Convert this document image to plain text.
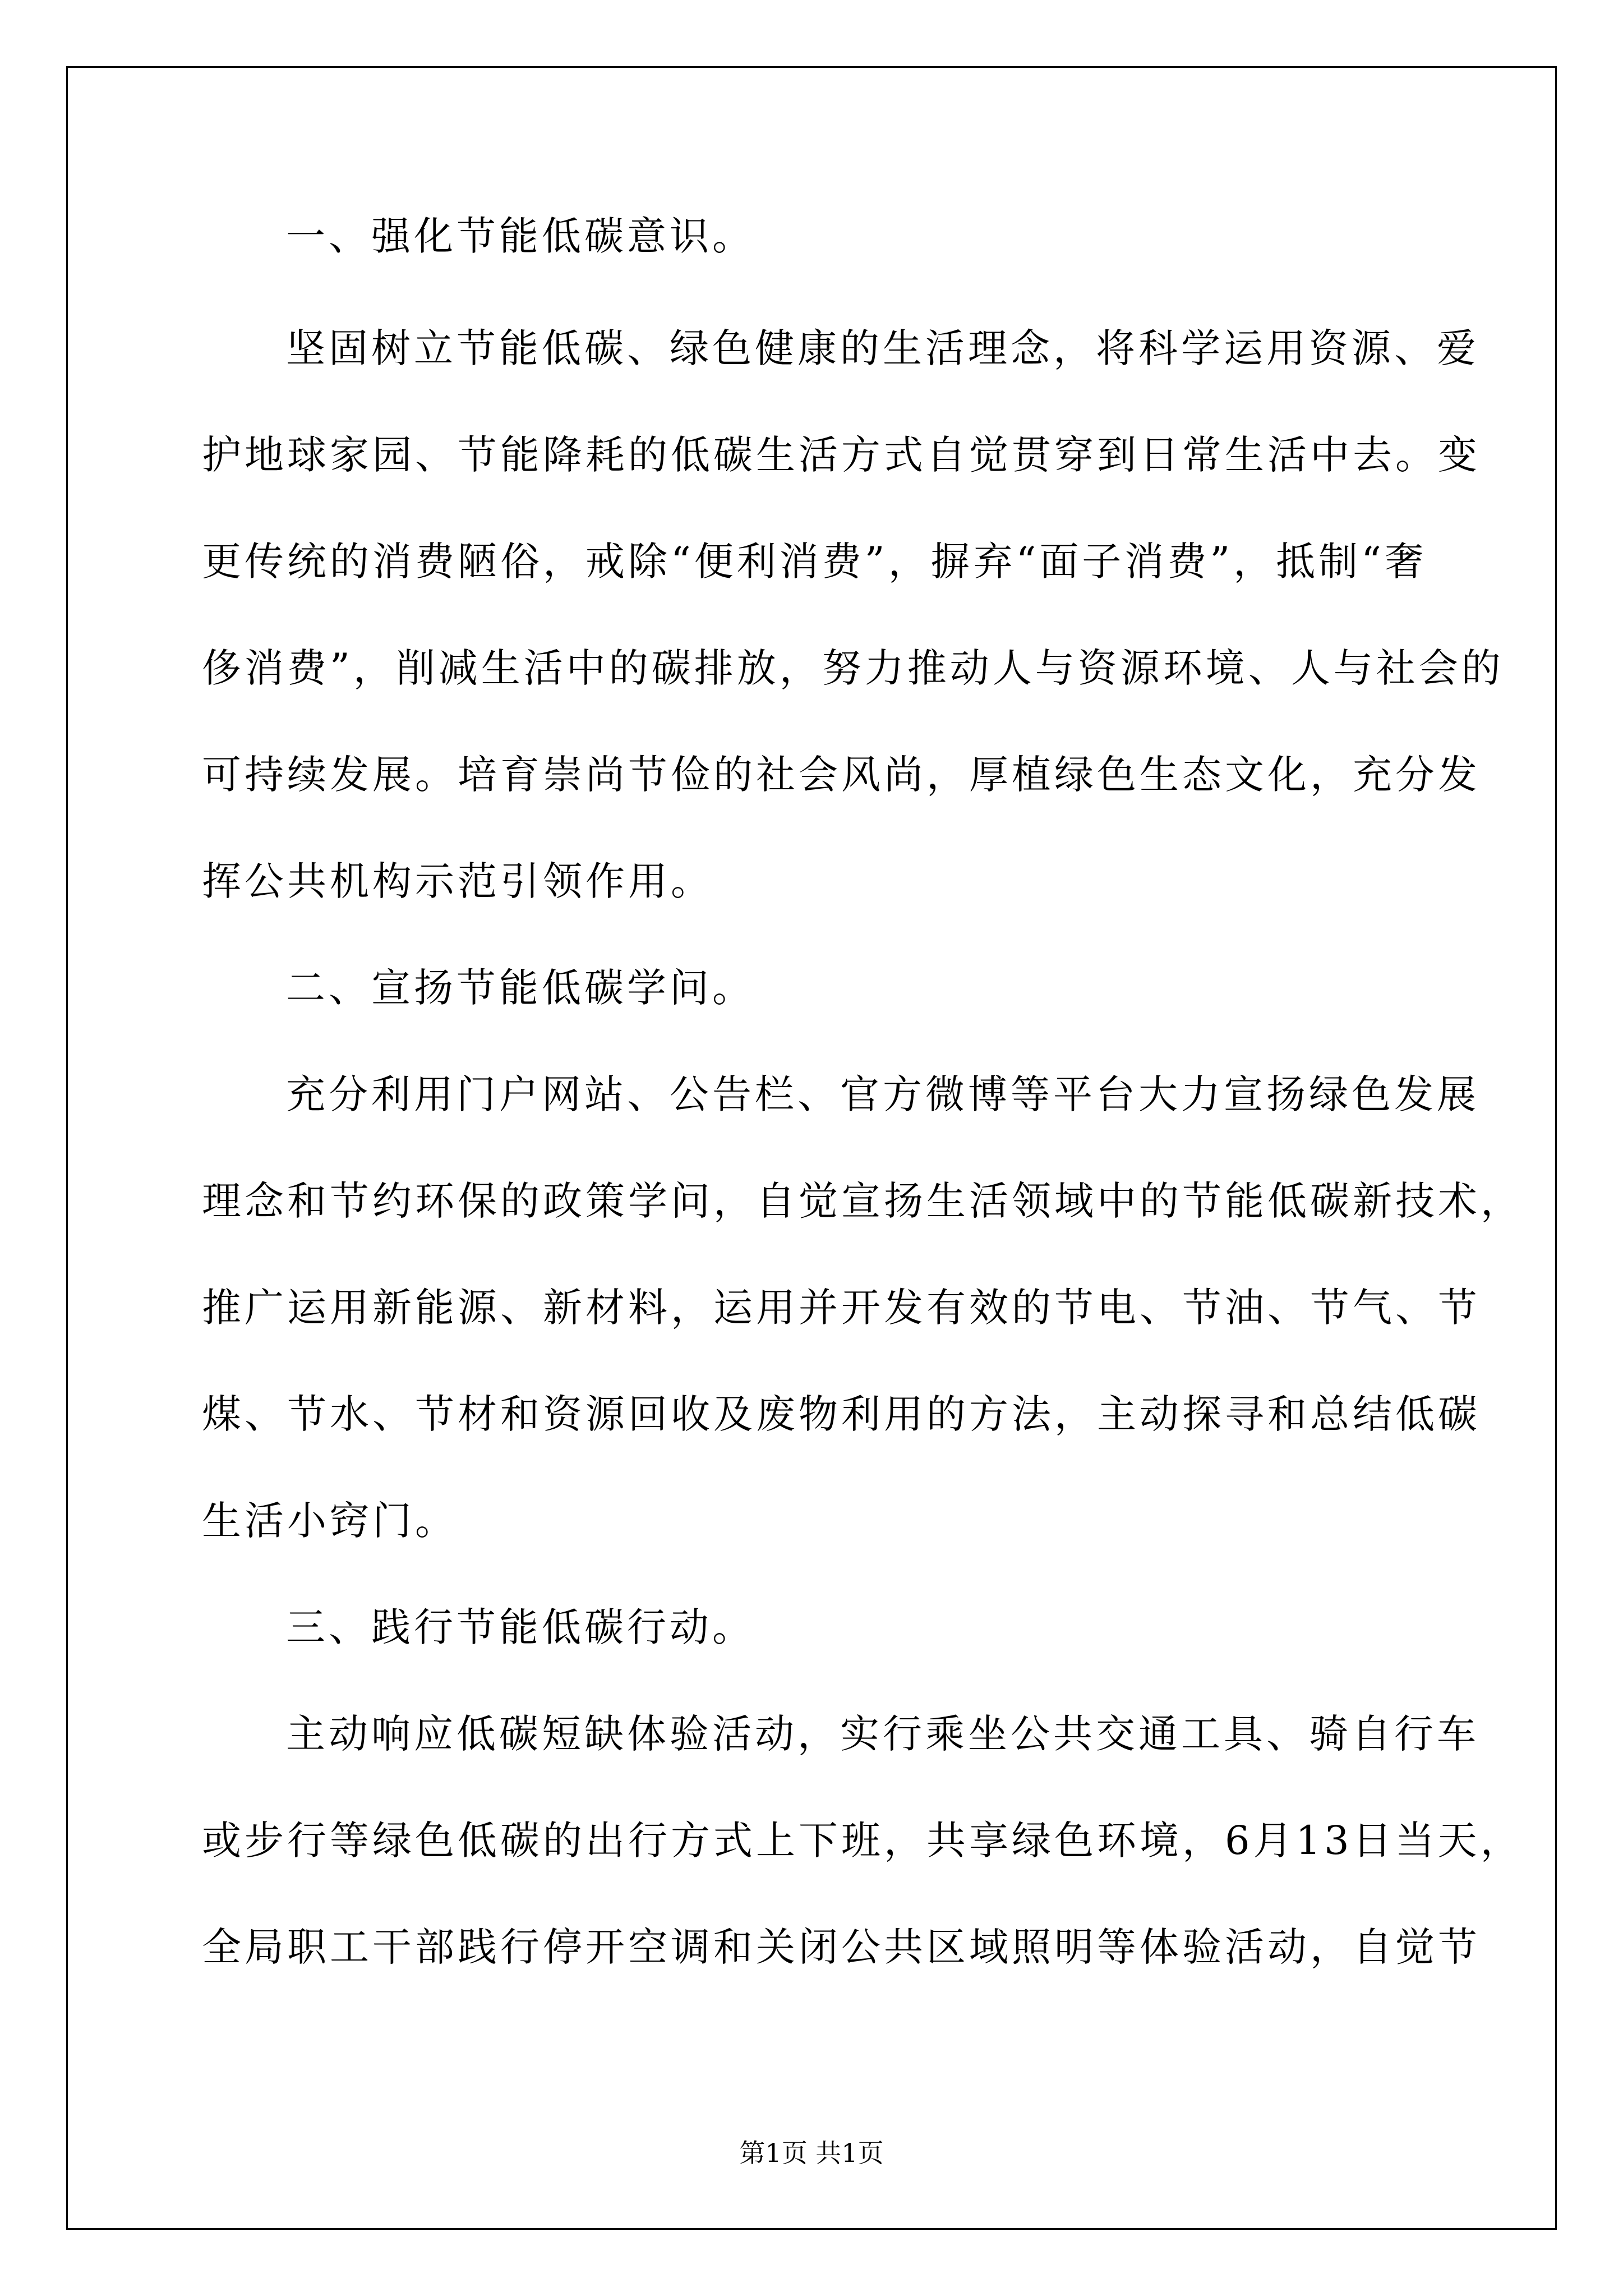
一、强化节能低碳意识。
坚固树立节能低碳、绿色健康的生活理念，将科学运用资源、爱
护地球家园、节能降耗的低碳生活方式自觉贯穿到日常生活中去。变
更传统的消费陋俗，戒除“便利消费”，摒弃“面子消费”，抵制“奢
侈消费”，削减生活中的碳排放，努力推动人与资源环境、人与社会的
可持续发展。培育崇尚节俭的社会风尚，厚植绿色生态文化，充分发
挥公共机构示范引领作用。
二、宣扬节能低碳学问。
充分利用门户网站、公告栏、官方微博等平台大力宣扬绿色发展
理念和节约环保的政策学问，自觉宣扬生活领域中的节能低碳新技术，
推广运用新能源、新材料，运用并开发有效的节电、节油、节气、节
煤、节水、节材和资源回收及废物利用的方法，主动探寻和总结低碳
生活小窍门。
三、践行节能低碳行动。
主动响应低碳短缺体验活动，实行乘坐公共交通工具、骑自行车
或步行等绿色低碳的出行方式上下班，共享绿色环境，6月13日当天，
全局职工干部践行停开空调和关闭公共区域照明等体验活动，自觉节
第1页 共1页
